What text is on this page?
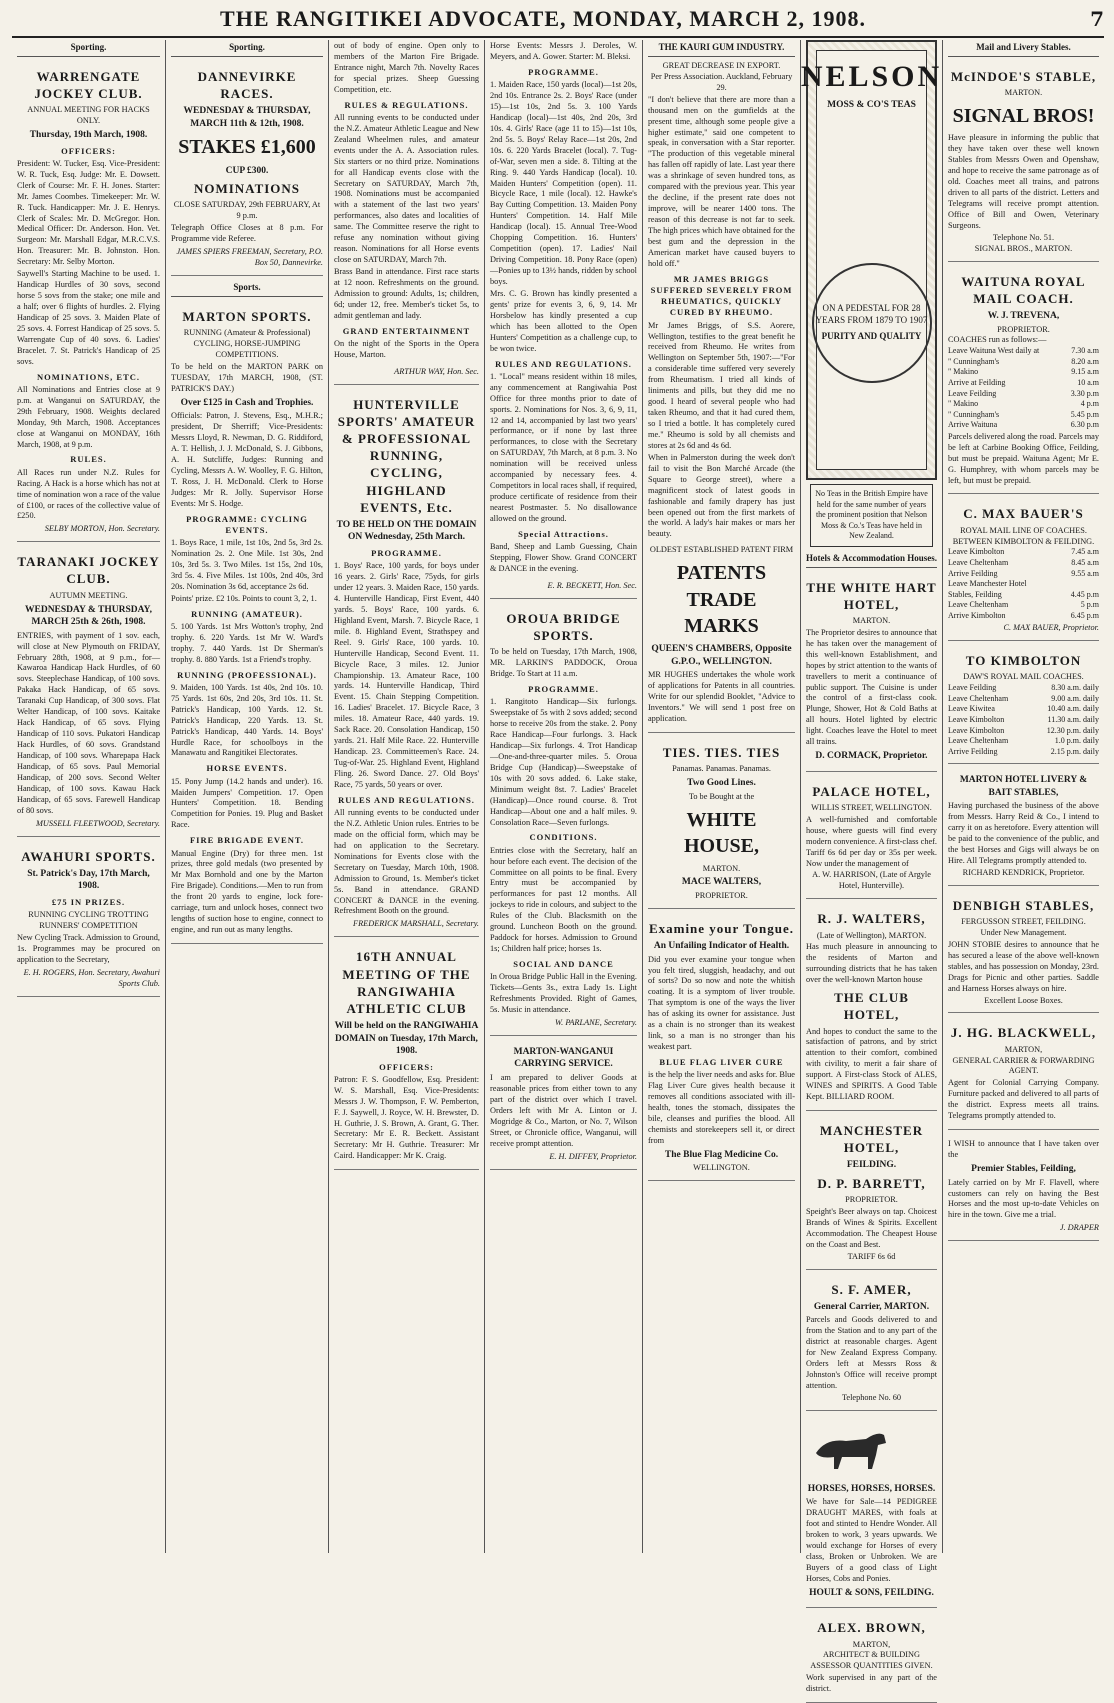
THE RANGITIKEI ADVOCATE, MONDAY, MARCH 2, 1908.	7
Sporting.
WARRENGATE JOCKEY CLUB.
ANNUAL MEETING FOR HACKS ONLY.
Thursday, 19th March, 1908.
OFFICERS:

President: W. Tucker, Esq. Vice-President: W. R. Tuck, Esq. Judge: Mr. E. Dowsett. Clerk of Course: Mr. F. H. Jones. Starter: Mr. James Coombes. Timekeeper: Mr. W. R. Tuck. Handicapper: Mr. J. E. Henrys. Clerk of Scales: Mr. D. McGregor. Hon. Medical Officer: Dr. Anderson. Hon. Vet. Surgeon: Mr. Marshall Edgar, M.R.C.V.S. Hon. Treasurer: Mr. B. Johnston. Hon. Secretary: Mr. Selby Morton.

Saywell's Starting Machine to be used. 1. Handicap Hurdles of 30 sovs, second horse 5 sovs from the stake; one mile and a half; over 6 flights of hurdles. 2. Flying Handicap of 25 sovs. 3. Maiden Plate of 25 sovs. 4. Forrest Handicap of 25 sovs. 5. Warrengate Cup of 40 sovs. 6. Ladies' Bracelet. 7. St. Patrick's Handicap of 25 sovs.

NOMINATIONS, ETC.

All Nominations and Entries close at 9 p.m. at Wanganui on SATURDAY, the 29th February, 1908. Weights declared Monday, 9th March, 1908. Acceptances close at Wanganui on MONDAY, 16th March, 1908, at 9 p.m.

RULES.

All Races run under N.Z. Rules for Racing. A Hack is a horse which has not at time of nomination won a race of the value of £100, or races of the collective value of £250.

SELBY MORTON, Hon. Secretary.
TARANAKI JOCKEY CLUB.
AUTUMN MEETING.
WEDNESDAY & THURSDAY, MARCH 25th & 26th, 1908.

ENTRIES, with payment of 1 sov. each, will close at New Plymouth on FRIDAY, February 28th, 1908, at 9 p.m., for— Kawaroa Handicap Hack Hurdles, of 60 sovs. Steeplechase Handicap, of 100 sovs. Pakaka Hack Handicap, of 65 sovs. Taranaki Cup Handicap, of 300 sovs. Flat Welter Handicap, of 100 sovs. Kaitake Hack Handicap, of 65 sovs. Flying Handicap of 110 sovs. Pukatori Handicap Hack Hurdles, of 60 sovs. Grandstand Handicap, of 100 sovs. Wharepapa Hack Handicap, of 65 sovs. Paul Memorial Handicap, of 200 sovs. Second Welter Handicap, of 100 sovs. Kawau Hack Handicap, of 65 sovs. Farewell Handicap of 80 sovs.

MUSSELL FLEETWOOD, Secretary.
AWAHURI SPORTS.
St. Patrick's Day, 17th March, 1908.
£75 IN PRIZES.
RUNNING CYCLING TROTTING RUNNERS' COMPETITION

New Cycling Track. Admission to Ground, 1s. Programmes may be procured on application to the Secretary,

E. H. ROGERS, Hon. Secretary, Awahuri Sports Club.
Sporting.
DANNEVIRKE RACES.
WEDNESDAY & THURSDAY, MARCH 11th & 12th, 1908.
STAKES £1,600
CUP £300.
NOMINATIONS
CLOSE SATURDAY, 29th FEBRUARY, At 9 p.m.

Telegraph Office Closes at 8 p.m. For Programme vide Referee.

JAMES SPIERS FREEMAN, Secretary, P.O. Box 50, Dannevirke.
Sports.
MARTON SPORTS.
RUNNING (Amateur & Professional) CYCLING, HORSE-JUMPING COMPETITIONS.

To be held on the MARTON PARK on TUESDAY, 17th MARCH, 1908, (ST. PATRICK'S DAY.)

Over £125 in Cash and Trophies.

Officials: Patron, J. Stevens, Esq., M.H.R.; president, Dr Sherriff; Vice-Presidents: Messrs Lloyd, R. Newman, D. G. Riddiford, A. T. Hellish, J. J. McDonald, S. J. Gibbons, A. H. Sutcliffe, Judges: Running and Cycling, Messrs A. W. Woolley, F. G. Hilton, T. Ross, J. H. McDonald. Clerk to Horse Judges: Mr R. Jolly. Supervisor Horse Events: Mr S. Hodge.

PROGRAMME: CYCLING EVENTS.

1. Boys Race, 1 mile, 1st 10s, 2nd 5s, 3rd 2s. Nomination 2s. 2. One Mile. 1st 30s, 2nd 10s, 3rd 5s. 3. Two Miles. 1st 15s, 2nd 10s, 3rd 5s. 4. Five Miles. 1st 100s, 2nd 40s, 3rd 20s. Nomination 3s 6d, acceptance 2s 6d.

Points' prize. £2 10s. Points to count 3, 2, 1.

RUNNING (AMATEUR).

5. 100 Yards. 1st Mrs Wotton's trophy, 2nd trophy. 6. 220 Yards. 1st Mr W. Ward's trophy. 7. 440 Yards. 1st Dr Sherman's trophy. 8. 880 Yards. 1st a Friend's trophy.

RUNNING (PROFESSIONAL).

9. Maiden, 100 Yards. 1st 40s, 2nd 10s. 10. 75 Yards. 1st 60s, 2nd 20s, 3rd 10s. 11. St. Patrick's Handicap, 100 Yards. 12. St. Patrick's Handicap, 220 Yards. 13. St. Patrick's Handicap, 440 Yards. 14. Boys' Hurdle Race, for schoolboys in the Manawatu and Rangitikei Electorates.

HORSE EVENTS.

15. Pony Jump (14.2 hands and under). 16. Maiden Jumpers' Competition. 17. Open Hunters' Competition. 18. Bending Competition for Ponies. 19. Plug and Basket Race.

FIRE BRIGADE EVENT.

Manual Engine (Dry) for three men. 1st prizes, three gold medals (two presented by Mr Max Bornhold and one by the Marton Fire Brigade). Conditions.—Men to run from the front 20 yards to engine, lock fore-carriage, turn and unlock hoses, connect two lengths of suction hose to engine, connect to engine, and run out as many lengths.

out of body of engine. Open only to members of the Marton Fire Brigade. Entrance night, March 7th. Novelty Races for special prizes. Sheep Guessing Competition, etc.

RULES & REGULATIONS.

All running events to be conducted under the N.Z. Amateur Athletic League and New Zealand Wheelmen rules, and amateur events under the A. A. Association rules. Six starters or no third prize. Nominations for all Handicap events close with the Secretary on SATURDAY, March 7th, 1908. Nominations must be accompanied with a statement of the last two years' performances, also dates and localities of same. The Committee reserve the right to refuse any nomination without giving reason. Nominations for all Horse events close on SATURDAY, March 7th.

Brass Band in attendance. First race starts at 12 noon. Refreshments on the ground. Admission to ground: Adults, 1s; children, 6d; under 12, free. Member's ticket 5s, to admit gentleman and lady.

GRAND ENTERTAINMENT

On the night of the Sports in the Opera House, Marton.

ARTHUR WAY, Hon. Sec.
HUNTERVILLE SPORTS' AMATEUR & PROFESSIONAL RUNNING, CYCLING, HIGHLAND EVENTS, Etc.
TO BE HELD ON THE DOMAIN ON Wednesday, 25th March.
PROGRAMME.

1. Boys' Race, 100 yards, for boys under 16 years. 2. Girls' Race, 75yds, for girls under 12 years. 3. Maiden Race, 150 yards. 4. Hunterville Handicap, First Event, 440 yards. 5. Boys' Race, 100 yards. 6. Highland Event, Marsh. 7. Bicycle Race, 1 mile. 8. Highland Event, Strathspey and Reel. 9. Girls' Race, 100 yards. 10. Hunterville Handicap, Second Event. 11. Bicycle Race, 3 miles. 12. Junior Championship. 13. Amateur Race, 100 yards. 14. Hunterville Handicap, Third Event. 15. Chain Stepping Competition. 16. Ladies' Bracelet. 17. Bicycle Race, 3 miles. 18. Amateur Race, 440 yards. 19. Sack Race. 20. Consolation Handicap, 150 yards. 21. Half Mile Race. 22. Hunterville Handicap. 23. Committeemen's Race. 24. Tug-of-War. 25. Highland Event, Highland Fling. 26. Sword Dance. 27. Old Boys' Race, 75 yards, 50 years or over.

RULES AND REGULATIONS.

All running events to be conducted under the N.Z. Athletic Union rules. Entries to be made on the official form, which may be had on application to the Secretary. Nominations for Events close with the Secretary on Tuesday, March 10th, 1908. Admission to Ground, 1s. Member's ticket 5s. Band in attendance. GRAND CONCERT & DANCE in the evening. Refreshment Booth on the ground.

FREDERICK MARSHALL, Secretary.
16TH ANNUAL MEETING OF THE RANGIWAHIA ATHLETIC CLUB
Will be held on the RANGIWAHIA DOMAIN on Tuesday, 17th March, 1908.
OFFICERS:

Patron: F. S. Goodfellow, Esq. President: W. S. Marshall, Esq. Vice-Presidents: Messrs J. W. Thompson, F. W. Pemberton, F. J. Saywell, J. Royce, W. H. Brewster, D. H. Guthrie, J. S. Brown, A. Grant, G. Ther. Secretary: Mr E. R. Beckett. Assistant Secretary: Mr H. Guthrie. Treasurer: Mr Caird. Handicapper: Mr K. Craig.

Horse Events: Messrs J. Deroles, W. Meyers, and A. Gower. Starter: M. Bleksi.

PROGRAMME.

1. Maiden Race, 150 yards (local)—1st 20s, 2nd 10s. Entrance 2s. 2. Boys' Race (under 15)—1st 10s, 2nd 5s. 3. 100 Yards Handicap (local)—1st 40s, 2nd 20s, 3rd 10s. 4. Girls' Race (age 11 to 15)—1st 10s, 2nd 5s. 5. Boys' Relay Race—1st 20s, 2nd 10s. 6. 220 Yards Bracelet (local). 7. Tug-of-War, seven men a side. 8. Tilting at the Ring. 9. 440 Yards Handicap (local). 10. Maiden Hunters' Competition (open). 11. Bicycle Race, 1 mile (local). 12. Hawke's Bay Cutting Competition. 13. Maiden Pony Hunters' Competition. 14. Half Mile Handicap (local). 15. Annual Tree-Wood Chopping Competition. 16. Hunters' Competition (open). 17. Ladies' Nail Driving Competition. 18. Pony Race (open)—Ponies up to 13½ hands, ridden by school boys.

Mrs. C. G. Brown has kindly presented a gents' prize for events 3, 6, 9, 14. Mr Horsbelow has kindly presented a cup which has been allotted to the Open Hunters' Competition as a challenge cup, to be won twice.

RULES AND REGULATIONS.

1. "Local" means resident within 18 miles, any commencement at Rangiwahia Post Office for three months prior to date of sports. 2. Nominations for Nos. 3, 6, 9, 11, 12 and 14, accompanied by last two years' performance, or if none by last three performances, to close with the Secretary on SATURDAY, 7th March, at 8 p.m. 3. No nomination will be received unless accompanied by necessary fees. 4. Competitors in local races shall, if required, produce certificate of residence from their nearest Postmaster. 5. No disallowance allowed on the ground.

Special Attractions.

Band, Sheep and Lamb Guessing, Chain Stepping, Flower Show. Grand CONCERT & DANCE in the evening.

E. R. BECKETT, Hon. Sec.
OROUA BRIDGE SPORTS.

To be held on Tuesday, 17th March, 1908, MR. LARKIN'S PADDOCK, Oroua Bridge. To Start at 11 a.m.

PROGRAMME.

1. Rangitoto Handicap—Six furlongs. Sweepstake of 5s with 2 sovs added; second horse to receive 20s from the stake. 2. Pony Race Handicap—Four furlongs. 3. Hack Handicap—Six furlongs. 4. Trot Handicap—One-and-three-quarter miles. 5. Oroua Bridge Cup (Handicap)—Sweepstake of 10s with 20 sovs added. 6. Lake stake, Minimum weight 8st. 7. Ladies' Bracelet (Handicap)—Once round course. 8. Trot Handicap—About one and a half miles. 9. Consolation Race—Seven furlongs.

CONDITIONS.

Entries close with the Secretary, half an hour before each event. The decision of the Committee on all points to be final. Every Entry must be accompanied by performances for past 12 months. All jockeys to ride in colours, and subject to the Rules of the Club. Blacksmith on the ground. Luncheon Booth on the ground. Paddock for horses. Admission to Ground 1s; Children half price; horses 1s.

SOCIAL AND DANCE

In Oroua Bridge Public Hall in the Evening. Tickets—Gents 3s., extra Lady 1s. Light Refreshments Provided. Right of Games, 5s. Music in attendance.

W. PARLANE, Secretary.
MARTON-WANGANUI CARRYING SERVICE.

I am prepared to deliver Goods at reasonable prices from either town to any part of the district over which I travel. Orders left with Mr A. Linton or J. Mogridge & Co., Marton, or No. 7, Wilson Street, or Chronicle office, Wanganui, will receive prompt attention.

E. H. DIFFEY, Proprietor.
THE KAURI GUM INDUSTRY.
GREAT DECREASE IN EXPORT.
Per Press Association. Auckland, February 29.

"I don't believe that there are more than a thousand men on the gumfields at the present time, although some people give a higher estimate," said one competent to speak, in conversation with a Star reporter. "The production of this vegetable mineral has fallen off rapidly of late. Last year there was a shrinkage of seven hundred tons, as compared with the previous year. This year the decline, if the present rate does not improve, will be nearer 1400 tons. The reason of this decrease is not far to seek. The high prices which have obtained for the best gum and the depression in the American market have caused buyers to hold off."

MR JAMES BRIGGS SUFFERED SEVERELY FROM RHEUMATICS, QUICKLY CURED BY RHEUMO.

Mr James Briggs, of S.S. Aorere, Wellington, testifies to the great benefit he received from Rheumo. He writes from Wellington on September 5th, 1907:—"For a considerable time suffered very severely from Rheumatism. I tried all kinds of liniments and pills, but they did me no good. I heard of several people who had taken Rheumo, and that it had cured them, so I tried a bottle. It has completely cured me." Rheumo is sold by all chemists and stores at 2s 6d and 4s 6d.

When in Palmerston during the week don't fail to visit the Bon Marché Arcade (the Square to George street), where a magnificent stock of latest goods in fashionable and family drapery has just been opened out from the first markets of the world. A lady's hair makes or mars her beauty.

OLDEST ESTABLISHED PATENT FIRM
PATENTS TRADE MARKS
QUEEN'S CHAMBERS, Opposite G.P.O., WELLINGTON.

MR HUGHES undertakes the whole work of applications for Patents in all countries. Write for our splendid Booklet, "Advice to Inventors." We will send 1 post free on application.

TIES. TIES. TIES
Panamas. Panamas. Panamas.
Two Good Lines.
To be Bought at the
WHITE HOUSE,
MARTON.
MACE WALTERS,
PROPRIETOR.
Examine your Tongue.
An Unfailing Indicator of Health.

Did you ever examine your tongue when you felt tired, sluggish, headachy, and out of sorts? Do so now and note the whitish coating. It is a symptom of liver trouble. That symptom is one of the ways the liver has of asking its owner for assistance. Just as a chain is no stronger than its weakest link, so a man is no stronger than his weakest part.

BLUE FLAG LIVER CURE

is the help the liver needs and asks for. Blue Flag Liver Cure gives health because it removes all conditions associated with ill-health, tones the stomach, dissipates the bile, cleanses and purifies the blood. All chemists and storekeepers sell it, or direct from

The Blue Flag Medicine Co.
WELLINGTON.
NELSON
MOSS & CO'S TEAS
ON A PEDESTAL FOR 28 YEARS FROM 1879 TO 1907
PURITY AND QUALITY
No Teas in the British Empire have held for the same number of years the prominent position that Nelson Moss & Co.'s Teas have held in New Zealand.
Hotels & Accommodation Houses.
THE WHITE HART HOTEL,
MARTON.

The Proprietor desires to announce that he has taken over the management of this well-known Establishment, and hopes by strict attention to the wants of travellers to merit a continuance of public support. The Cuisine is under the control of a first-class cook. Plunge, Shower, Hot & Cold Baths at all hours. Hotel lighted by electric light. Coaches leave the Hotel to meet all trains.

D. CORMACK, Proprietor.
PALACE HOTEL,
WILLIS STREET, WELLINGTON.

A well-furnished and comfortable house, where guests will find every modern convenience. A first-class chef. Tariff 6s 6d per day or 35s per week. Now under the management of

A. W. HARRISON, (Late of Argyle Hotel, Hunterville).
R. J. WALTERS,
(Late of Wellington), MARTON.

Has much pleasure in announcing to the residents of Marton and surrounding districts that he has taken over the well-known Marton house

THE CLUB HOTEL,

And hopes to conduct the same to the satisfaction of patrons, and by strict attention to their comfort, combined with civility, to merit a fair share of support. A First-class Stock of ALES, WINES and SPIRITS. A Good Table Kept. BILLIARD ROOM.

MANCHESTER HOTEL,
FEILDING.
D. P. BARRETT,
PROPRIETOR.

Speight's Beer always on tap. Choicest Brands of Wines & Spirits. Excellent Accommodation. The Cheapest House on the Coast and Best.

TARIFF 6s 6d
S. F. AMER,
General Carrier, MARTON.

Parcels and Goods delivered to and from the Station and to any part of the district at reasonable charges. Agent for New Zealand Express Company. Orders left at Messrs Ross & Johnston's Office will receive prompt attention.

Telephone No. 60
HORSES, HORSES, HORSES.

We have for Sale—14 PEDIGREE DRAUGHT MARES, with foals at foot and stinted to Hendre Wonder. All broken to work, 3 years upwards. We would exchange for Horses of every class, Broken or Unbroken. We are Buyers of a good class of Light Horses, Cobs and Ponies.

HOULT & SONS, FEILDING.
ALEX. BROWN,
MARTON,
ARCHITECT & BUILDING ASSESSOR QUANTITIES GIVEN.

Work supervised in any part of the district.

Mail and Livery Stables.
McINDOE'S STABLE,
MARTON.
SIGNAL BROS!

Have pleasure in informing the public that they have taken over these well known Stables from Messrs Owen and Openshaw, and hope to receive the same patronage as of old. Coaches meet all trains, and patrons driven to all parts of the district. Letters and Telegrams will receive prompt attention. Office of Bill and Owen, Veterinary Surgeons.

Telephone No. 51.
SIGNAL BROS., MARTON.
WAITUNA ROYAL MAIL COACH.
W. J. TREVENA,
PROPRIETOR.
COACHES run as follows:—
Leave Waituna West daily at	7.30 a.m
" Cunningham's	8.20 a.m
" Makino	9.15 a.m
Arrive at Feilding	10 a.m
Leave Feilding	3.30 p.m
" Makino	4 p.m
" Cunningham's	5.45 p.m
Arrive Waituna	6.30 p.m

Parcels delivered along the road. Parcels may be left at Carbine Booking Office, Feilding, but must be prepaid. Waituna Agent; Mr E. G. Humphrey, with whom parcels may be left, but must be prepaid.

C. MAX BAUER'S
ROYAL MAIL LINE OF COACHES. BETWEEN KIMBOLTON & FEILDING.
Leave Kimbolton	7.45 a.m
Leave Cheltenham	8.45 a.m
Arrive Feilding	9.55 a.m
Leave Manchester Hotel	
Stables, Feilding	4.45 p.m
Leave Cheltenham	5 p.m
Arrive Kimbolton	6.45 p.m
C. MAX BAUER, Proprietor.
TO KIMBOLTON
DAW'S ROYAL MAIL COACHES.
Leave Feilding	8.30 a.m. daily
Leave Cheltenham	9.00 a.m. daily
Leave Kiwitea	10.40 a.m. daily
Leave Kimbolton	11.30 a.m. daily
Leave Kimbolton	12.30 p.m. daily
Leave Cheltenham	1.0 p.m. daily
Arrive Feilding	2.15 p.m. daily
MARTON HOTEL LIVERY & BAIT STABLES,

Having purchased the business of the above from Messrs. Harry Reid & Co., I intend to carry it on as heretofore. Every attention will be paid to the convenience of the public, and the best Horses and Gigs will always be on Hire. All Telegrams promptly attended to.

RICHARD KENDRICK, Proprietor.
DENBIGH STABLES,
FERGUSSON STREET, FEILDING.
Under New Management.

JOHN STOBIE desires to announce that he has secured a lease of the above well-known stables, and has possession on Monday, 23rd. Drags for Picnic and other parties. Saddle and Harness Horses always on hire.

Excellent Loose Boxes.
J. HG. BLACKWELL,
MARTON,
GENERAL CARRIER & FORWARDING AGENT.

Agent for Colonial Carrying Company. Furniture packed and delivered to all parts of the district. Express meets all trains. Telegrams promptly attended to.

I WISH to announce that I have taken over the

Premier Stables, Feilding,

Lately carried on by Mr F. Flavell, where customers can rely on having the Best Horses and the most up-to-date Vehicles on hire in the town. Give me a trial.

J. DRAPER
